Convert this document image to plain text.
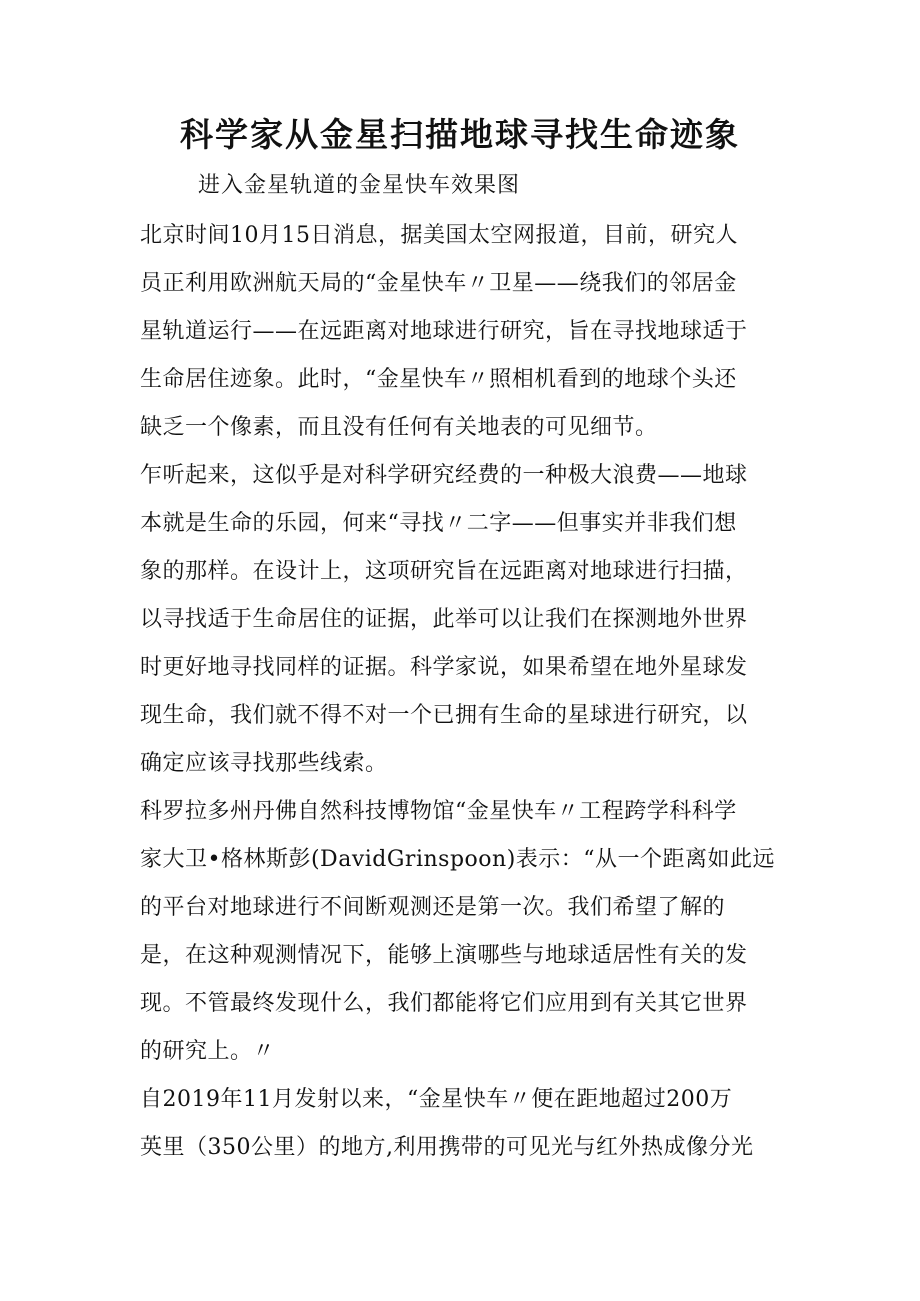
科学家从金星扫描地球寻找生命迹象

进入金星轨道的金星快车效果图

北京时间10月15日消息，据美国太空网报道，目前，研究人
员正利用欧洲航天局的“金星快车〃卫星——绕我们的邻居金
星轨道运行——在远距离对地球进行研究，旨在寻找地球适于
生命居住迹象。此时，“金星快车〃照相机看到的地球个头还
缺乏一个像素，而且没有任何有关地表的可见细节。
乍听起来，这似乎是对科学研究经费的一种极大浪费——地球
本就是生命的乐园，何来“寻找〃二字——但事实并非我们想
象的那样。在设计上，这项研究旨在远距离对地球进行扫描，
以寻找适于生命居住的证据，此举可以让我们在探测地外世界
时更好地寻找同样的证据。科学家说，如果希望在地外星球发
现生命，我们就不得不对一个已拥有生命的星球进行研究，以
确定应该寻找那些线索。
科罗拉多州丹佛自然科技博物馆“金星快车〃工程跨学科科学
家大卫•格林斯彭(DavidGrinspoon)表示：“从一个距离如此远
的平台对地球进行不间断观测还是第一次。我们希望了解的
是，在这种观测情况下，能够上演哪些与地球适居性有关的发
现。不管最终发现什么，我们都能将它们应用到有关其它世界
的研究上。〃
自2019年11月发射以来，“金星快车〃便在距地超过200万
英里（350公里）的地方,利用携带的可见光与红外热成像分光
